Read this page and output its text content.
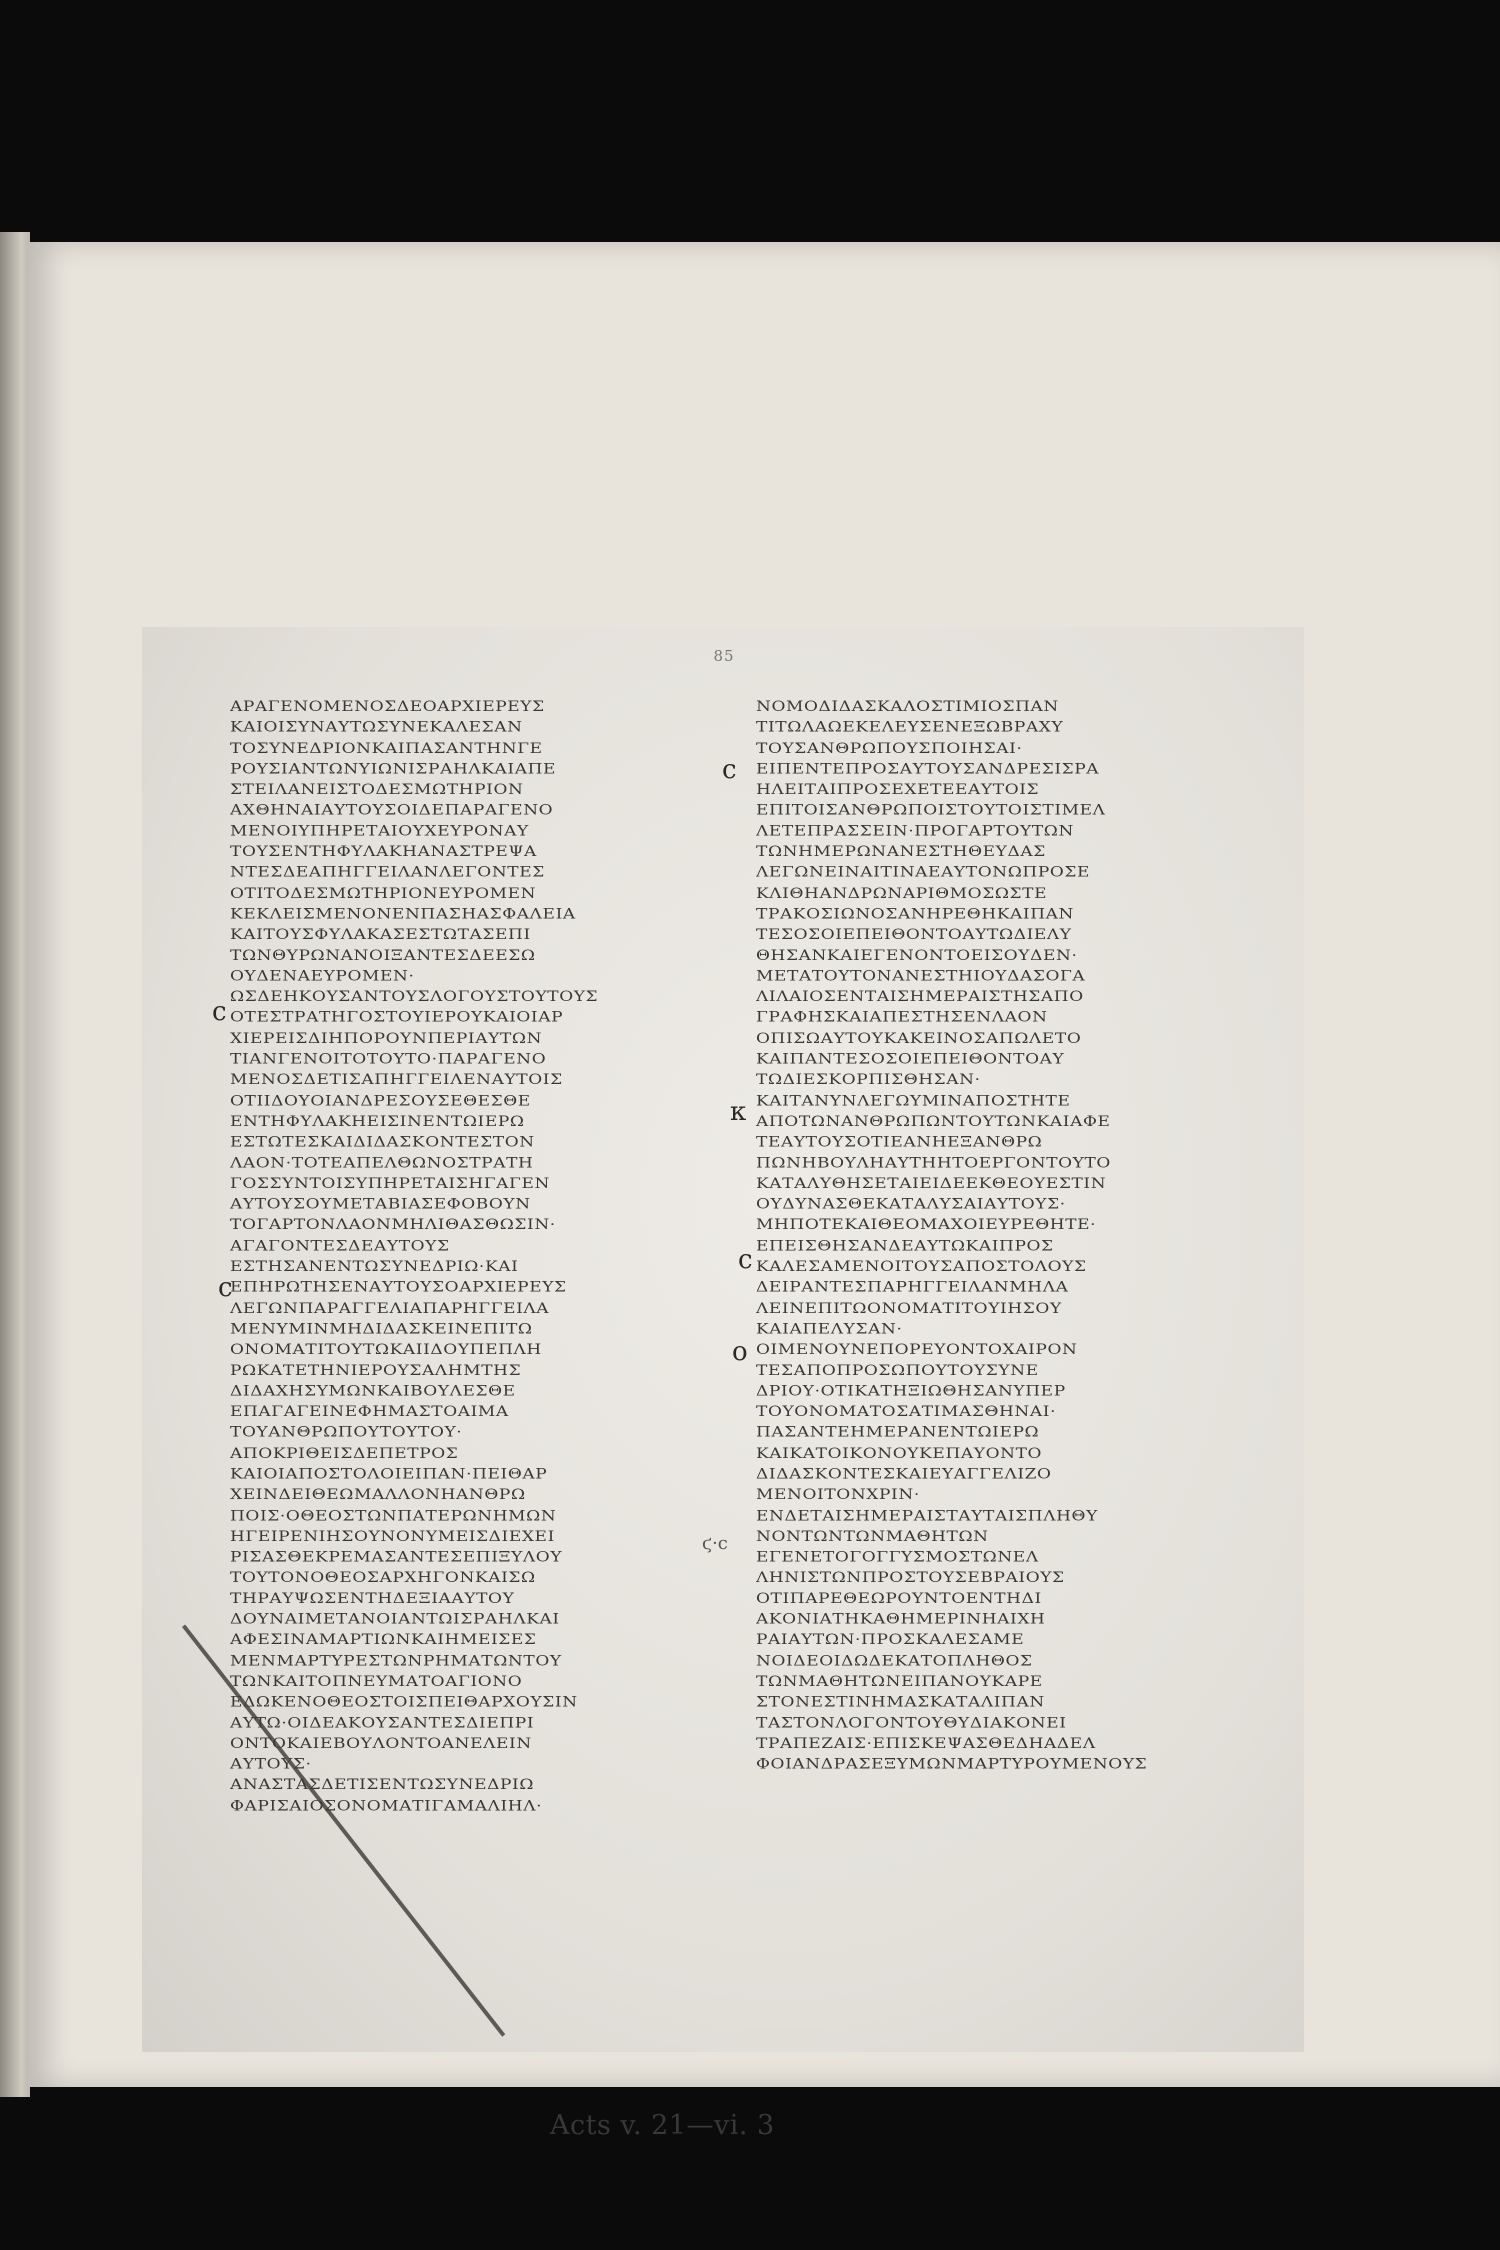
85
ΑΡΑΓΕΝΟΜΕΝΟΣΔΕΟΑΡΧΙΕΡΕΥΣ
ΚΑΙΟΙΣΥΝΑΥΤΩΣΥΝΕΚΑΛΕΣΑΝ
ΤΟΣΥΝΕΔΡΙΟΝΚΑΙΠΑΣΑΝΤΗΝΓΕ
ΡΟΥΣΙΑΝΤΩΝΥΙΩΝΙΣΡΑΗΛΚΑΙΑΠΕ
ΣΤΕΙΛΑΝΕΙΣΤΟΔΕΣΜΩΤΗΡΙΟΝ
ΑΧΘΗΝΑΙΑΥΤΟΥΣΟΙΔΕΠΑΡΑΓΕΝΟ
ΜΕΝΟΙΥΠΗΡΕΤΑΙΟΥΧΕΥΡΟΝΑΥ
ΤΟΥΣΕΝΤΗΦΥΛΑΚΗΑΝΑΣΤΡΕΨΑ
ΝΤΕΣΔΕΑΠΗΓΓΕΙΛΑΝΛΕΓΟΝΤΕΣ
ΟΤΙΤΟΔΕΣΜΩΤΗΡΙΟΝΕΥΡΟΜΕΝ
ΚΕΚΛΕΙΣΜΕΝΟΝΕΝΠΑΣΗΑΣΦΑΛΕΙΑ
ΚΑΙΤΟΥΣΦΥΛΑΚΑΣΕΣΤΩΤΑΣΕΠΙ
ΤΩΝΘΥΡΩΝΑΝΟΙΞΑΝΤΕΣΔΕΕΣΩ
ΟΥΔΕΝΑΕΥΡΟΜΕΝ·
ΩΣΔΕΗΚΟΥΣΑΝΤΟΥΣΛΟΓΟΥΣΤΟΥΤΟΥΣ
ΟΤΕΣΤΡΑΤΗΓΟΣΤΟΥΙΕΡΟΥΚΑΙΟΙΑΡ
ΧΙΕΡΕΙΣΔΙΗΠΟΡΟΥΝΠΕΡΙΑΥΤΩΝ
ΤΙΑΝΓΕΝΟΙΤΟΤΟΥΤΟ·ΠΑΡΑΓΕΝΟ
ΜΕΝΟΣΔΕΤΙΣΑΠΗΓΓΕΙΛΕΝΑΥΤΟΙΣ
ΟΤΙΙΔΟΥΟΙΑΝΔΡΕΣΟΥΣΕΘΕΣΘΕ
ΕΝΤΗΦΥΛΑΚΗΕΙΣΙΝΕΝΤΩΙΕΡΩ
ΕΣΤΩΤΕΣΚΑΙΔΙΔΑΣΚΟΝΤΕΣΤΟΝ
ΛΑΟΝ·ΤΟΤΕΑΠΕΛΘΩΝΟΣΤΡΑΤΗ
ΓΟΣΣΥΝΤΟΙΣΥΠΗΡΕΤΑΙΣΗΓΑΓΕΝ
ΑΥΤΟΥΣΟΥΜΕΤΑΒΙΑΣΕΦΟΒΟΥΝ
ΤΟΓΑΡΤΟΝΛΑΟΝΜΗΛΙΘΑΣΘΩΣΙΝ·
ΑΓΑΓΟΝΤΕΣΔΕΑΥΤΟΥΣ
ΕΣΤΗΣΑΝΕΝΤΩΣΥΝΕΔΡΙΩ·ΚΑΙ
ΕΠΗΡΩΤΗΣΕΝΑΥΤΟΥΣΟΑΡΧΙΕΡΕΥΣ
ΛΕΓΩΝΠΑΡΑΓΓΕΛΙΑΠΑΡΗΓΓΕΙΛΑ
ΜΕΝΥΜΙΝΜΗΔΙΔΑΣΚΕΙΝΕΠΙΤΩ
ΟΝΟΜΑΤΙΤΟΥΤΩΚΑΙΙΔΟΥΠΕΠΛΗ
ΡΩΚΑΤΕΤΗΝΙΕΡΟΥΣΑΛΗΜΤΗΣ
ΔΙΔΑΧΗΣΥΜΩΝΚΑΙΒΟΥΛΕΣΘΕ
ΕΠΑΓΑΓΕΙΝΕΦΗΜΑΣΤΟΑΙΜΑ
ΤΟΥΑΝΘΡΩΠΟΥΤΟΥΤΟΥ·
ΑΠΟΚΡΙΘΕΙΣΔΕΠΕΤΡΟΣ
ΚΑΙΟΙΑΠΟΣΤΟΛΟΙΕΙΠΑΝ·ΠΕΙΘΑΡ
ΧΕΙΝΔΕΙΘΕΩΜΑΛΛΟΝΗΑΝΘΡΩ
ΠΟΙΣ·ΟΘΕΟΣΤΩΝΠΑΤΕΡΩΝΗΜΩΝ
ΗΓΕΙΡΕΝΙΗΣΟΥΝΟΝΥΜΕΙΣΔΙΕΧΕΙ
ΡΙΣΑΣΘΕΚΡΕΜΑΣΑΝΤΕΣΕΠΙΞΥΛΟΥ
ΤΟΥΤΟΝΟΘΕΟΣΑΡΧΗΓΟΝΚΑΙΣΩ
ΤΗΡΑΥΨΩΣΕΝΤΗΔΕΞΙΑΑΥΤΟΥ
ΔΟΥΝΑΙΜΕΤΑΝΟΙΑΝΤΩΙΣΡΑΗΛΚΑΙ
ΑΦΕΣΙΝΑΜΑΡΤΙΩΝΚΑΙΗΜΕΙΣΕΣ
ΜΕΝΜΑΡΤΥΡΕΣΤΩΝΡΗΜΑΤΩΝΤΟΥ
ΤΩΝΚΑΙΤΟΠΝΕΥΜΑΤΟΑΓΙΟΝΟ
ΕΔΩΚΕΝΟΘΕΟΣΤΟΙΣΠΕΙΘΑΡΧΟΥΣΙΝ
ΑΥΤΩ·ΟΙΔΕΑΚΟΥΣΑΝΤΕΣΔΙΕΠΡΙ
ΟΝΤΟΚΑΙΕΒΟΥΛΟΝΤΟΑΝΕΛΕΙΝ
ΑΥΤΟΥΣ·
ΑΝΑΣΤΑΣΔΕΤΙΣΕΝΤΩΣΥΝΕΔΡΙΩ
ΦΑΡΙΣΑΙΟΣΟΝΟΜΑΤΙΓΑΜΑΛΙΗΛ·
ΝΟΜΟΔΙΔΑΣΚΑΛΟΣΤΙΜΙΟΣΠΑΝ
ΤΙΤΩΛΑΩΕΚΕΛΕΥΣΕΝΕΞΩΒΡΑΧΥ
ΤΟΥΣΑΝΘΡΩΠΟΥΣΠΟΙΗΣΑΙ·
ΕΙΠΕΝΤΕΠΡΟΣΑΥΤΟΥΣΑΝΔΡΕΣΙΣΡΑ
ΗΛΕΙΤΑΙΠΡΟΣΕΧΕΤΕΕΑΥΤΟΙΣ
ΕΠΙΤΟΙΣΑΝΘΡΩΠΟΙΣΤΟΥΤΟΙΣΤΙΜΕΛ
ΛΕΤΕΠΡΑΣΣΕΙΝ·ΠΡΟΓΑΡΤΟΥΤΩΝ
ΤΩΝΗΜΕΡΩΝΑΝΕΣΤΗΘΕΥΔΑΣ
ΛΕΓΩΝΕΙΝΑΙΤΙΝΑΕΑΥΤΟΝΩΠΡΟΣΕ
ΚΛΙΘΗΑΝΔΡΩΝΑΡΙΘΜΟΣΩΣΤΕ
ΤΡΑΚΟΣΙΩΝΟΣΑΝΗΡΕΘΗΚΑΙΠΑΝ
ΤΕΣΟΣΟΙΕΠΕΙΘΟΝΤΟΑΥΤΩΔΙΕΛΥ
ΘΗΣΑΝΚΑΙΕΓΕΝΟΝΤΟΕΙΣΟΥΔΕΝ·
ΜΕΤΑΤΟΥΤΟΝΑΝΕΣΤΗΙΟΥΔΑΣΟΓΑ
ΛΙΛΑΙΟΣΕΝΤΑΙΣΗΜΕΡΑΙΣΤΗΣΑΠΟ
ΓΡΑΦΗΣΚΑΙΑΠΕΣΤΗΣΕΝΛΑΟΝ
ΟΠΙΣΩΑΥΤΟΥΚΑΚΕΙΝΟΣΑΠΩΛΕΤΟ
ΚΑΙΠΑΝΤΕΣΟΣΟΙΕΠΕΙΘΟΝΤΟΑΥ
ΤΩΔΙΕΣΚΟΡΠΙΣΘΗΣΑΝ·
ΚΑΙΤΑΝΥΝΛΕΓΩΥΜΙΝΑΠΟΣΤΗΤΕ
ΑΠΟΤΩΝΑΝΘΡΩΠΩΝΤΟΥΤΩΝΚΑΙΑΦΕ
ΤΕΑΥΤΟΥΣΟΤΙΕΑΝΗΕΞΑΝΘΡΩ
ΠΩΝΗΒΟΥΛΗΑΥΤΗΗΤΟΕΡΓΟΝΤΟΥΤΟ
ΚΑΤΑΛΥΘΗΣΕΤΑΙΕΙΔΕΕΚΘΕΟΥΕΣΤΙΝ
ΟΥΔΥΝΑΣΘΕΚΑΤΑΛΥΣΑΙΑΥΤΟΥΣ·
ΜΗΠΟΤΕΚΑΙΘΕΟΜΑΧΟΙΕΥΡΕΘΗΤΕ·
ΕΠΕΙΣΘΗΣΑΝΔΕΑΥΤΩΚΑΙΠΡΟΣ
ΚΑΛΕΣΑΜΕΝΟΙΤΟΥΣΑΠΟΣΤΟΛΟΥΣ
ΔΕΙΡΑΝΤΕΣΠΑΡΗΓΓΕΙΛΑΝΜΗΛΑ
ΛΕΙΝΕΠΙΤΩΟΝΟΜΑΤΙΤΟΥΙΗΣΟΥ
ΚΑΙΑΠΕΛΥΣΑΝ·
ΟΙΜΕΝΟΥΝΕΠΟΡΕΥΟΝΤΟΧΑΙΡΟΝ
ΤΕΣΑΠΟΠΡΟΣΩΠΟΥΤΟΥΣΥΝΕ
ΔΡΙΟΥ·ΟΤΙΚΑΤΗΞΙΩΘΗΣΑΝΥΠΕΡ
ΤΟΥΟΝΟΜΑΤΟΣΑΤΙΜΑΣΘΗΝΑΙ·
ΠΑΣΑΝΤΕΗΜΕΡΑΝΕΝΤΩΙΕΡΩ
ΚΑΙΚΑΤΟΙΚΟΝΟΥΚΕΠΑΥΟΝΤΟ
ΔΙΔΑΣΚΟΝΤΕΣΚΑΙΕΥΑΓΓΕΛΙΖΟ
ΜΕΝΟΙΤΟΝΧΡΙΝ·
ΕΝΔΕΤΑΙΣΗΜΕΡΑΙΣΤΑΥΤΑΙΣΠΛΗΘΥ
ΝΟΝΤΩΝΤΩΝΜΑΘΗΤΩΝ
ΕΓΕΝΕΤΟΓΟΓΓΥΣΜΟΣΤΩΝΕΛ
ΛΗΝΙΣΤΩΝΠΡΟΣΤΟΥΣΕΒΡΑΙΟΥΣ
ΟΤΙΠΑΡΕΘΕΩΡΟΥΝΤΟΕΝΤΗΔΙ
ΑΚΟΝΙΑΤΗΚΑΘΗΜΕΡΙΝΗΑΙΧΗ
ΡΑΙΑΥΤΩΝ·ΠΡΟΣΚΑΛΕΣΑΜΕ
ΝΟΙΔΕΟΙΔΩΔΕΚΑΤΟΠΛΗΘΟΣ
ΤΩΝΜΑΘΗΤΩΝΕΙΠΑΝΟΥΚΑΡΕ
ΣΤΟΝΕΣΤΙΝΗΜΑΣΚΑΤΑΛΙΠΑΝ
ΤΑΣΤΟΝΛΟΓΟΝΤΟΥΘΥΔΙΑΚΟΝΕΙ
ΤΡΑΠΕΖΑΙΣ·ΕΠΙΣΚΕΨΑΣΘΕΔΗΑΔΕΛ
ΦΟΙΑΝΔΡΑΣΕΞΥΜΩΝΜΑΡΤΥΡΟΥΜΕΝΟΥΣ
ϲ
ϲ
ϲ
κ
ϲ
ο
ϛ·ϲ
Acts v. 21—vi. 3
